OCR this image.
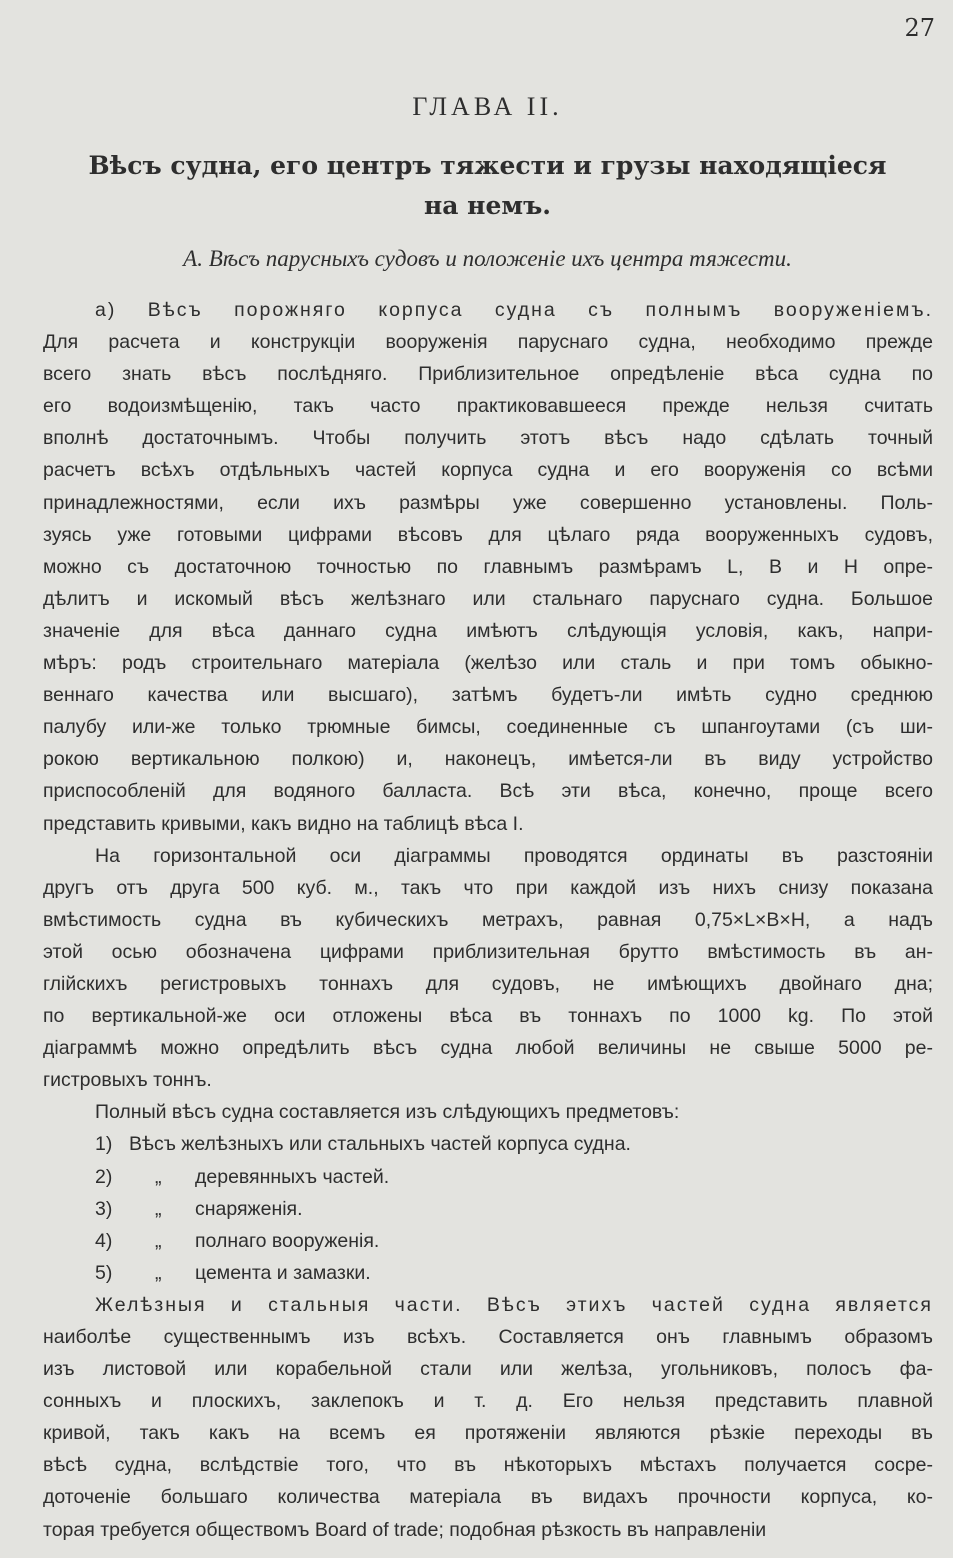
27
ГЛАВА II.
Вѣсъ судна, его центръ тяжести и грузы находящіеся
на немъ.
А. Вѣсъ парусныхъ судовъ и положеніе ихъ центра тяжести.
а) Вѣсъ порожняго корпуса судна съ полнымъ вооруженіемъ.
Для расчета и конструкціи вооруженія паруснаго судна, необходимо прежде
всего знать вѣсъ послѣдняго. Приблизительное опредѣленіе вѣса судна по
его водоизмѣщенію, такъ часто практиковавшееся прежде нельзя считать
вполнѣ достаточнымъ. Чтобы получить этотъ вѣсъ надо сдѣлать точный
расчетъ всѣхъ отдѣльныхъ частей корпуса судна и его вооруженія со всѣми
принадлежностями, если ихъ размѣры уже совершенно установлены. Поль-
зуясь уже готовыми цифрами вѣсовъ для цѣлаго ряда вооруженныхъ судовъ,
можно съ достаточною точностью по главнымъ размѣрамъ L, B и H опре-
дѣлитъ и искомый вѣсъ желѣзнаго или стальнаго паруснаго судна. Большое
значеніе для вѣса даннаго судна имѣютъ слѣдующія условія, какъ, напри-
мѣръ: родъ строительнаго матеріала (желѣзо или сталь и при томъ обыкно-
веннаго качества или высшаго), затѣмъ будетъ-ли имѣть судно среднюю
палубу или-же только трюмные бимсы, соединенные съ шпангоутами (съ ши-
рокою вертикальною полкою) и, наконецъ, имѣется-ли въ виду устройство
приспособленій для водяного балласта. Всѣ эти вѣса, конечно, проще всего
представить кривыми, какъ видно на таблицѣ вѣса I.
На горизонтальной оси діаграммы проводятся ординаты въ разстояніи
другъ отъ друга 500 куб. м., такъ что при каждой изъ нихъ снизу показана
вмѣстимость судна въ кубическихъ метрахъ, равная 0,75×L×B×H, а надъ
этой осью обозначена цифрами приблизительная брутто вмѣстимость въ ан-
глійскихъ регистровыхъ тоннахъ для судовъ, не имѣющихъ двойнаго дна;
по вертикальной-же оси отложены вѣса въ тоннахъ по 1000 kg. По этой
діаграммѣ можно опредѣлить вѣсъ судна любой величины не свыше 5000 ре-
гистровыхъ тоннъ.
Полный вѣсъ судна составляется изъ слѣдующихъ предметовъ:
1) Вѣсъ желѣзныхъ или стальныхъ частей корпуса судна.
2) „ деревянныхъ частей.
3) „ снаряженія.
4) „ полнаго вооруженія.
5) „ цемента и замазки.
Желѣзныя и стальныя части. Вѣсъ этихъ частей судна является
наиболѣе существеннымъ изъ всѣхъ. Составляется онъ главнымъ образомъ
изъ листовой или корабельной стали или желѣза, угольниковъ, полосъ фа-
сонныхъ и плоскихъ, заклепокъ и т. д. Его нельзя представить плавной
кривой, такъ какъ на всемъ ея протяженіи являются рѣзкіе переходы въ
вѣсѣ судна, вслѣдствіе того, что въ нѣкоторыхъ мѣстахъ получается сосре-
доточеніе большаго количества матеріала въ видахъ прочности корпуса, ко-
торая требуется обществомъ Board of trade; подобная рѣзкость въ направленіи
